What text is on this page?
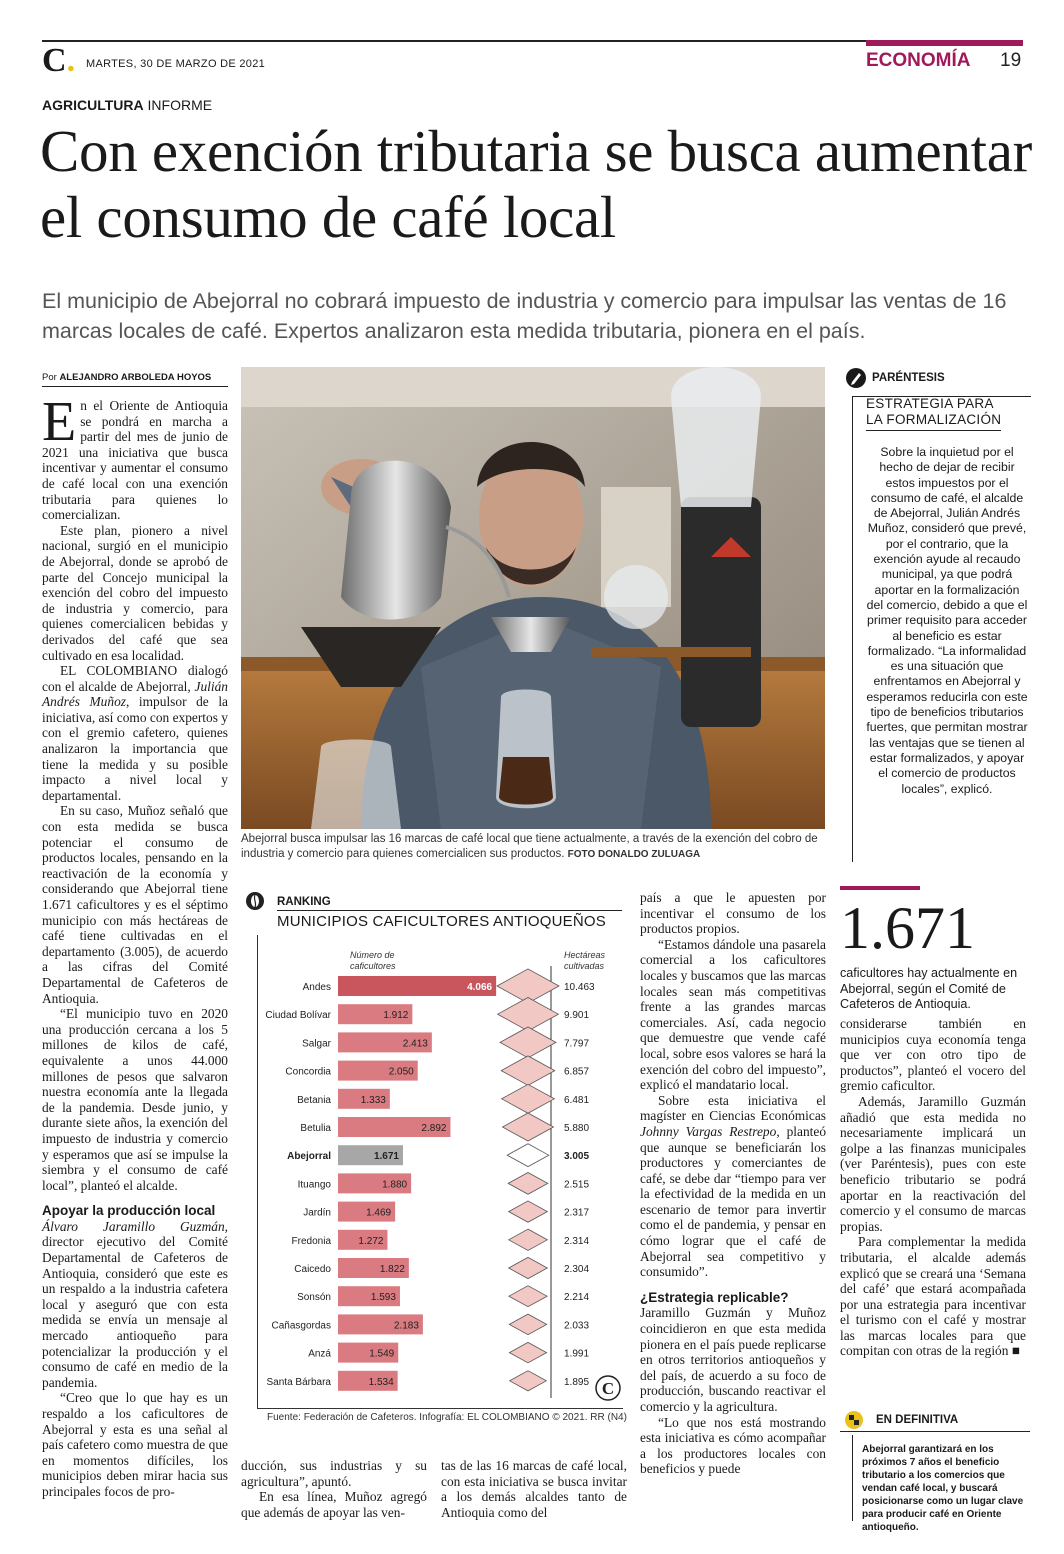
C. MARTES, 30 DE MARZO DE 2021	ECONOMÍA 19
AGRICULTURA INFORME
Con exención tributaria se busca aumentar el consumo de café local
El municipio de Abejorral no cobrará impuesto de industria y comercio para impulsar las ventas de 16 marcas locales de café. Expertos analizaron esta medida tributaria, pionera en el país.
Por ALEJANDRO ARBOLEDA HOYOS

En el Oriente de Antioquia se pondrá en marcha a partir del mes de junio de 2021 una iniciativa que busca incentivar y aumentar el consumo de café local con una exención tributaria para quienes lo comercializan.

Este plan, pionero a nivel nacional, surgió en el municipio de Abejorral, donde se aprobó de parte del Concejo municipal la exención del cobro del impuesto de industria y comercio, para quienes comercialicen bebidas y derivados del café que sea cultivado en esa localidad.

EL COLOMBIANO dialogó con el alcalde de Abejorral, Julián Andrés Muñoz, impulsor de la iniciativa, así como con expertos y con el gremio cafetero, quienes analizaron la importancia que tiene la medida y su posible impacto a nivel local y departamental.

En su caso, Muñoz señaló que con esta medida se busca potenciar el consumo de productos locales, pensando en la reactivación de la economía y considerando que Abejorral tiene 1.671 caficultores y es el séptimo municipio con más hectáreas de café tiene cultivadas en el departamento (3.005), de acuerdo a las cifras del Comité Departamental de Cafeteros de Antioquia.

“El municipio tuvo en 2020 una producción cercana a los 5 millones de kilos de café, equivalente a unos 44.000 millones de pesos que salvaron nuestra economía ante la llegada de la pandemia. Desde junio, y durante siete años, la exención del impuesto de industria y comercio y esperamos que así se impulse la siembra y el consumo de café local”, planteó el alcalde.

Apoyar la producción local

Álvaro Jaramillo Guzmán, director ejecutivo del Comité Departamental de Cafeteros de Antioquia, consideró que este es un respaldo a la industria cafetera local y aseguró que con esta medida se envía un mensaje al mercado antioqueño para potencializar la producción y el consumo de café en medio de la pandemia.

“Creo que lo que hay es un respaldo a los caficultores de Abejorral y esta es una señal al país cafetero como muestra de que en momentos difíciles, los municipios deben mirar hacia sus principales focos de pro-

Abejorral busca impulsar las 16 marcas de café local que tiene actualmente, a través de la exención del cobro de industria y comercio para quienes comercialicen sus productos. FOTO DONALDO ZULUAGA
PARÉNTESIS
ESTRATEGIA PARA
LA FORMALIZACIÓN
Sobre la inquietud por el hecho de dejar de recibir estos impuestos por el consumo de café, el alcalde de Abejorral, Julián Andrés Muñoz, consideró que prevé, por el contrario, que la exención ayude al recaudo municipal, ya que podrá aportar en la formalización del comercio, debido a que el primer requisito para acceder al beneficio es estar formalizado. “La informalidad es una situación que enfrentamos en Abejorral y esperamos reducirla con este tipo de beneficios tributarios fuertes, que permitan mostrar las ventajas que se tienen al estar formalizados, y apoyar el comercio de productos locales”, explicó.
1.671
caficultores hay actualmente en Abejorral, según el Comité de Cafeteros de Antioquia.
RANKING
MUNICIPIOS CAFICULTORES ANTIOQUEÑOS
Número de
caficultores
Hectáreas
cultivadas
Andes	4.066	10.463
Ciudad Bolívar	1.912	9.901
Salgar	2.413	7.797
Concordia	2.050	6.857
Betania	1.333	6.481
Betulia	2.892	5.880
Abejorral	1.671	3.005
Ituango	1.880	2.515
Jardín	1.469	2.317
Fredonia	1.272	2.314
Caicedo	1.822	2.304
Sonsón	1.593	2.214
Cañasgordas	2.183	2.033
Anzá	1.549	1.991
Santa Bárbara	1.534	1.895 C
Fuente: Federación de Cafeteros. Infografía: EL COLOMBIANO © 2021. RR (N4)

ducción, sus industrias y su agricultura”, apuntó.

En esa línea, Muñoz agregó que además de apoyar las ven-

tas de las 16 marcas de café local, con esta iniciativa se busca invitar a los demás alcaldes tanto de Antioquia como del

país a que le apuesten por incentivar el consumo de los productos propios.

“Estamos dándole una pasarela comercial a los caficultores locales y buscamos que las marcas locales sean más competitivas frente a las grandes marcas comerciales. Así, cada negocio que demuestre que vende café local, sobre esos valores se hará la exención del cobro del impuesto”, explicó el mandatario local.

Sobre esta iniciativa el magíster en Ciencias Económicas Johnny Vargas Restrepo, planteó que aunque se beneficiarán los productores y comerciantes de café, se debe dar “tiempo para ver la efectividad de la medida en un escenario de temor para invertir como el de pandemia, y pensar en cómo lograr que el café de Abejorral sea competitivo y consumido”.

¿Estrategia replicable?

Jaramillo Guzmán y Muñoz coincidieron en que esta medida pionera en el país puede replicarse en otros territorios antioqueños y del país, de acuerdo a su foco de producción, buscando reactivar el comercio y la agricultura.

“Lo que nos está mostrando esta iniciativa es cómo acompañar a los productores locales con beneficios y puede

considerarse también en municipios cuya economía tenga que ver con otro tipo de productos”, planteó el vocero del gremio caficultor.

Además, Jaramillo Guzmán añadió que esta medida no necesariamente implicará un golpe a las finanzas municipales (ver Paréntesis), pues con este beneficio tributario se podrá aportar en la reactivación del comercio y el consumo de marcas propias.

Para complementar la medida tributaria, el alcalde además explicó que se creará una ‘Semana del café’ que estará acompañada por una estrategia para incentivar el turismo con el café y mostrar las marcas locales para que compitan con otras de la región ■

EN DEFINITIVA
Abejorral garantizará en los próximos 7 años el beneficio tributario a los comercios que vendan café local, y buscará posicionarse como un lugar clave para producir café en Oriente antioqueño.
